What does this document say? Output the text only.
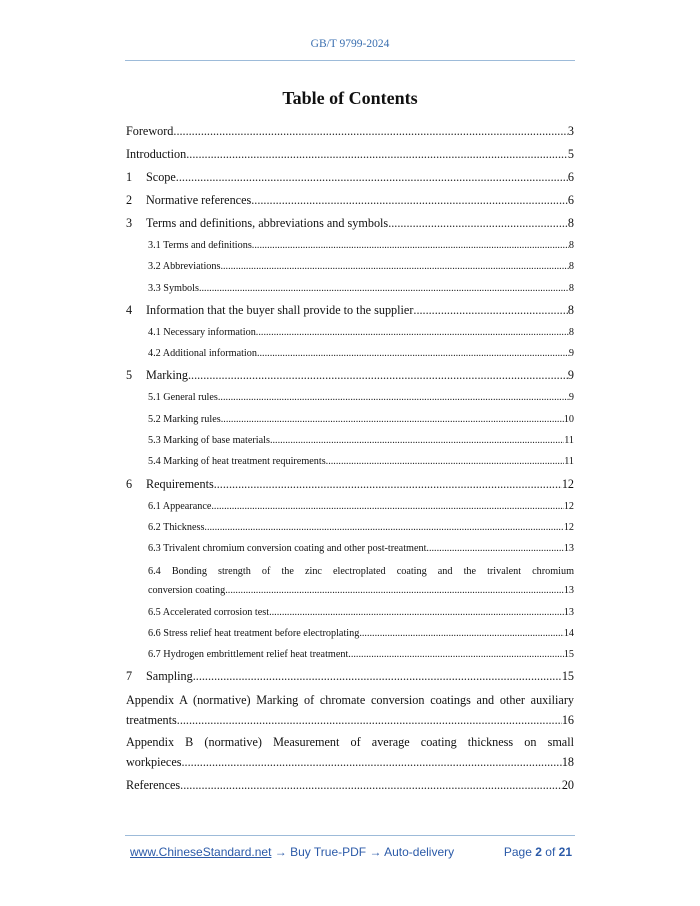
GB/T 9799-2024
Table of Contents
Foreword .....	3
Introduction .....	5
1	Scope .....	6
2	Normative references .....	6
3	Terms and definitions, abbreviations and symbols .....	8
3.1 Terms and definitions .....	8
3.2 Abbreviations .....	8
3.3 Symbols .....	8
4	Information that the buyer shall provide to the supplier .....	8
4.1 Necessary information .....	8
4.2 Additional information .....	9
5	Marking .....	9
5.1 General rules .....	9
5.2 Marking rules .....	10
5.3 Marking of base materials .....	11
5.4 Marking of heat treatment requirements .....	11
6	Requirements .....	12
6.1 Appearance .....	12
6.2 Thickness .....	12
6.3 Trivalent chromium conversion coating and other post-treatment .....	13
6.4 Bonding strength of the zinc electroplated coating and the trivalent chromium
conversion coating .....	13
6.5 Accelerated corrosion test .....	13
6.6 Stress relief heat treatment before electroplating .....	14
6.7 Hydrogen embrittlement relief heat treatment .....	15
7	Sampling .....	15
Appendix A (normative) Marking of chromate conversion coatings and other auxiliary
treatments .....	16
Appendix B (normative) Measurement of average coating thickness on small
workpieces .....	18
References .....	20
www.ChineseStandard.net → Buy True-PDF → Auto-delivery	Page 2 of 21
